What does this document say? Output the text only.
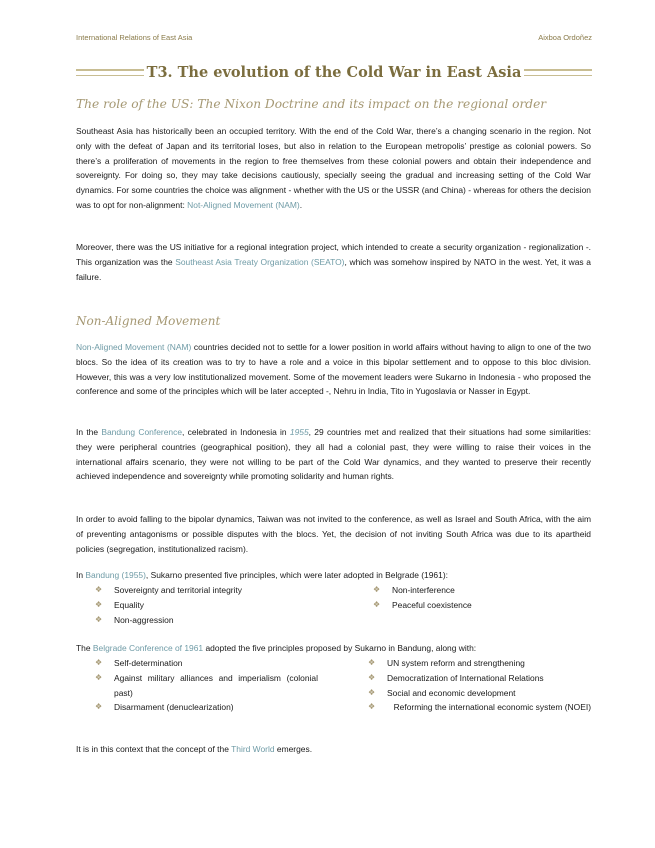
International Relations of East Asia	Aixboa Ordoñez
T3. The evolution of the Cold War in East Asia
The role of the US: The Nixon Doctrine and its impact on the regional order

Southeast Asia has historically been an occupied territory. With the end of the Cold War, there’s a changing scenario in the region. Not only with the defeat of Japan and its territorial loses, but also in relation to the European metropolis’ prestige as colonial powers. So there’s a proliferation of movements in the region to free themselves from these colonial powers and obtain their independence and sovereignty. For doing so, they may take decisions cautiously, specially seeing the gradual and increasing setting of the Cold War dynamics. For some countries the choice was alignment - whether with the US or the USSR (and China) - whereas for others the decision was to opt for non-alignment: Not-Aligned Movement (NAM).

Moreover, there was the US initiative for a regional integration project, which intended to create a security organization - regionalization -. This organization was the Southeast Asia Treaty Organization (SEATO), which was somehow inspired by NATO in the west. Yet, it was a failure.

Non-Aligned Movement

Non-Aligned Movement (NAM) countries decided not to settle for a lower position in world affairs without having to align to one of the two blocs. So the idea of its creation was to try to have a role and a voice in this bipolar settlement and to oppose to this bloc division. However, this was a very low institutionalized movement. Some of the movement leaders were Sukarno in Indonesia - who proposed the conference and some of the principles which will be later accepted -, Nehru in India, Tito in Yugoslavia or Nasser in Egypt.

In the Bandung Conference, celebrated in Indonesia in 1955, 29 countries met and realized that their situations had some similarities: they were peripheral countries (geographical position), they all had a colonial past, they were willing to raise their voices in the international affairs scenario, they were not willing to be part of the Cold War dynamics, and they wanted to preserve their recently achieved independence and sovereignty while promoting solidarity and human rights.

In order to avoid falling to the bipolar dynamics, Taiwan was not invited to the conference, as well as Israel and South Africa, with the aim of preventing antagonisms or possible disputes with the blocs. Yet, the decision of not inviting South Africa was due to its apartheid policies (segregation, institutionalized racism).

In Bandung (1955), Sukarno presented five principles, which were later adopted in Belgrade (1961):

❖ Sovereignty and territorial integrity
❖ Equality
❖ Non-aggression
❖ Non-interference
❖ Peaceful coexistence

The Belgrade Conference of 1961 adopted the five principles proposed by Sukarno in Bandung, along with:

❖ Self-determination
❖ Against military alliances and imperialism (colonial past)
❖ Disarmament (denuclearization)
❖ UN system reform and strengthening
❖ Democratization of International Relations
❖ Social and economic development
❖ Reforming the international economic system (NOEI)

It is in this context that the concept of the Third World emerges.
